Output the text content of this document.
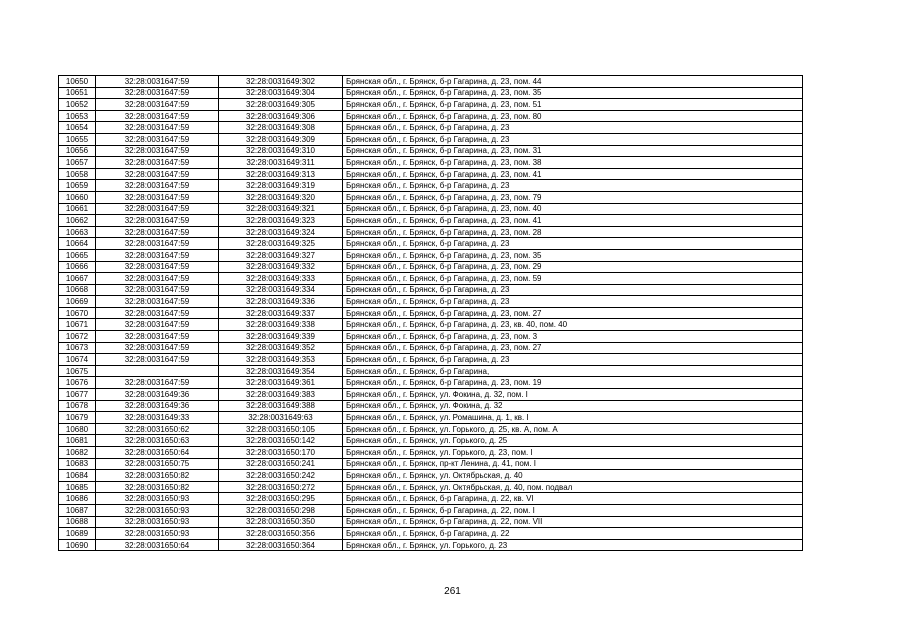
10650	32:28:0031647:59	32:28:0031649:302	Брянская обл., г. Брянск, б-р Гагарина, д. 23, пом. 44
10651	32:28:0031647:59	32:28:0031649:304	Брянская обл., г. Брянск, б-р Гагарина, д. 23, пом. 35
10652	32:28:0031647:59	32:28:0031649:305	Брянская обл., г. Брянск, б-р Гагарина, д. 23, пом. 51
10653	32:28:0031647:59	32:28:0031649:306	Брянская обл., г. Брянск, б-р Гагарина, д. 23, пом. 80
10654	32:28:0031647:59	32:28:0031649:308	Брянская обл., г. Брянск, б-р Гагарина, д. 23
10655	32:28:0031647:59	32:28:0031649:309	Брянская обл., г. Брянск, б-р Гагарина, д. 23
10656	32:28:0031647:59	32:28:0031649:310	Брянская обл., г. Брянск, б-р Гагарина, д. 23, пом. 31
10657	32:28:0031647:59	32:28:0031649:311	Брянская обл., г. Брянск, б-р Гагарина, д. 23, пом. 38
10658	32:28:0031647:59	32:28:0031649:313	Брянская обл., г. Брянск, б-р Гагарина, д. 23, пом. 41
10659	32:28:0031647:59	32:28:0031649:319	Брянская обл., г. Брянск, б-р Гагарина, д. 23
10660	32:28:0031647:59	32:28:0031649:320	Брянская обл., г. Брянск, б-р Гагарина, д. 23, пом. 79
10661	32:28:0031647:59	32:28:0031649:321	Брянская обл., г. Брянск, б-р Гагарина, д. 23, пом. 40
10662	32:28:0031647:59	32:28:0031649:323	Брянская обл., г. Брянск, б-р Гагарина, д. 23, пом. 41
10663	32:28:0031647:59	32:28:0031649:324	Брянская обл., г. Брянск, б-р Гагарина, д. 23, пом. 28
10664	32:28:0031647:59	32:28:0031649:325	Брянская обл., г. Брянск, б-р Гагарина, д. 23
10665	32:28:0031647:59	32:28:0031649:327	Брянская обл., г. Брянск, б-р Гагарина, д. 23, пом. 35
10666	32:28:0031647:59	32:28:0031649:332	Брянская обл., г. Брянск, б-р Гагарина, д. 23, пом. 29
10667	32:28:0031647:59	32:28:0031649:333	Брянская обл., г. Брянск, б-р Гагарина, д. 23, пом. 59
10668	32:28:0031647:59	32:28:0031649:334	Брянская обл., г. Брянск, б-р Гагарина, д. 23
10669	32:28:0031647:59	32:28:0031649:336	Брянская обл., г. Брянск, б-р Гагарина, д. 23
10670	32:28:0031647:59	32:28:0031649:337	Брянская обл., г. Брянск, б-р Гагарина, д. 23, пом. 27
10671	32:28:0031647:59	32:28:0031649:338	Брянская обл., г. Брянск, б-р Гагарина, д. 23, кв. 40, пом. 40
10672	32:28:0031647:59	32:28:0031649:339	Брянская обл., г. Брянск, б-р Гагарина, д. 23, пом. 3
10673	32:28:0031647:59	32:28:0031649:352	Брянская обл., г. Брянск, б-р Гагарина, д. 23, пом. 27
10674	32:28:0031647:59	32:28:0031649:353	Брянская обл., г. Брянск, б-р Гагарина, д. 23
10675		32:28:0031649:354	Брянская обл., г. Брянск, б-р Гагарина,
10676	32:28:0031647:59	32:28:0031649:361	Брянская обл., г. Брянск, б-р Гагарина, д. 23, пом. 19
10677	32:28:0031649:36	32:28:0031649:383	Брянская обл., г. Брянск, ул. Фокина, д. 32, пом. I
10678	32:28:0031649:36	32:28:0031649:388	Брянская обл., г. Брянск, ул. Фокина, д. 32
10679	32:28:0031649:33	32:28:0031649:63	Брянская обл., г. Брянск, ул. Ромашина, д. 1, кв. I
10680	32:28:0031650:62	32:28:0031650:105	Брянская обл., г. Брянск, ул. Горького, д. 25, кв. А, пом. А
10681	32:28:0031650:63	32:28:0031650:142	Брянская обл., г. Брянск, ул. Горького, д. 25
10682	32:28:0031650:64	32:28:0031650:170	Брянская обл., г. Брянск, ул. Горького, д. 23, пом. I
10683	32:28:0031650:75	32:28:0031650:241	Брянская обл., г. Брянск, пр-кт Ленина, д. 41, пом. I
10684	32:28:0031650:82	32:28:0031650:242	Брянская обл., г. Брянск, ул. Октябрьская, д. 40
10685	32:28:0031650:82	32:28:0031650:272	Брянская обл., г. Брянск, ул. Октябрьская, д. 40, пом. подвал
10686	32:28:0031650:93	32:28:0031650:295	Брянская обл., г. Брянск, б-р Гагарина, д. 22, кв. VI
10687	32:28:0031650:93	32:28:0031650:298	Брянская обл., г. Брянск, б-р Гагарина, д. 22, пом. I
10688	32:28:0031650:93	32:28:0031650:350	Брянская обл., г. Брянск, б-р Гагарина, д. 22, пом. VII
10689	32:28:0031650:93	32:28:0031650:356	Брянская обл., г. Брянск, б-р Гагарина, д. 22
10690	32:28:0031650:64	32:28:0031650:364	Брянская обл., г. Брянск, ул. Горького, д. 23
261
